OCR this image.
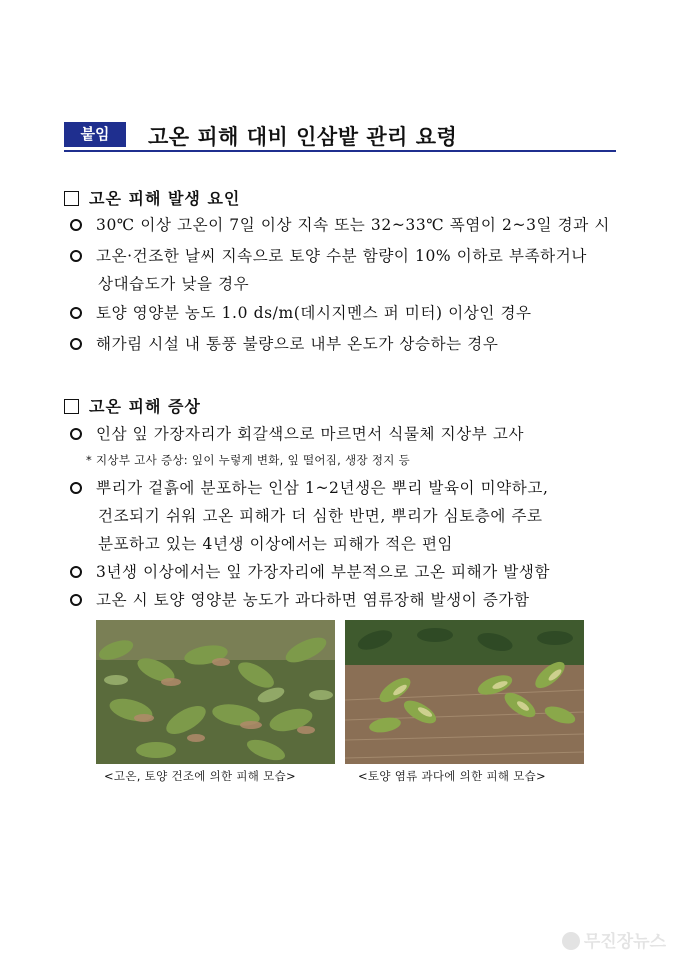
붙임	고온 피해 대비 인삼밭 관리 요령
고온 피해 발생 요인
30℃ 이상 고온이 7일 이상 지속 또는 32~33℃ 폭염이 2~3일 경과 시
고온·건조한 날씨 지속으로 토양 수분 함량이 10% 이하로 부족하거나
상대습도가 낮을 경우
토양 영양분 농도 1.0 ds/m(데시지멘스 퍼 미터) 이상인 경우
해가림 시설 내 통풍 불량으로 내부 온도가 상승하는 경우
고온 피해 증상
인삼 잎 가장자리가 회갈색으로 마르면서 식물체 지상부 고사
* 지상부 고사 증상: 잎이 누렇게 변화, 잎 떨어짐, 생장 정지 등
뿌리가 겉흙에 분포하는 인삼 1~2년생은 뿌리 발육이 미약하고,
건조되기 쉬워 고온 피해가 더 심한 반면, 뿌리가 심토층에 주로
분포하고 있는 4년생 이상에서는 피해가 적은 편임
3년생 이상에서는 잎 가장자리에 부분적으로 고온 피해가 발생함
고온 시 토양 영양분 농도가 과다하면 염류장해 발생이 증가함
<고온, 토양 건조에 의한 피해 모습>	<토양 염류 과다에 의한 피해 모습>
무진장뉴스
